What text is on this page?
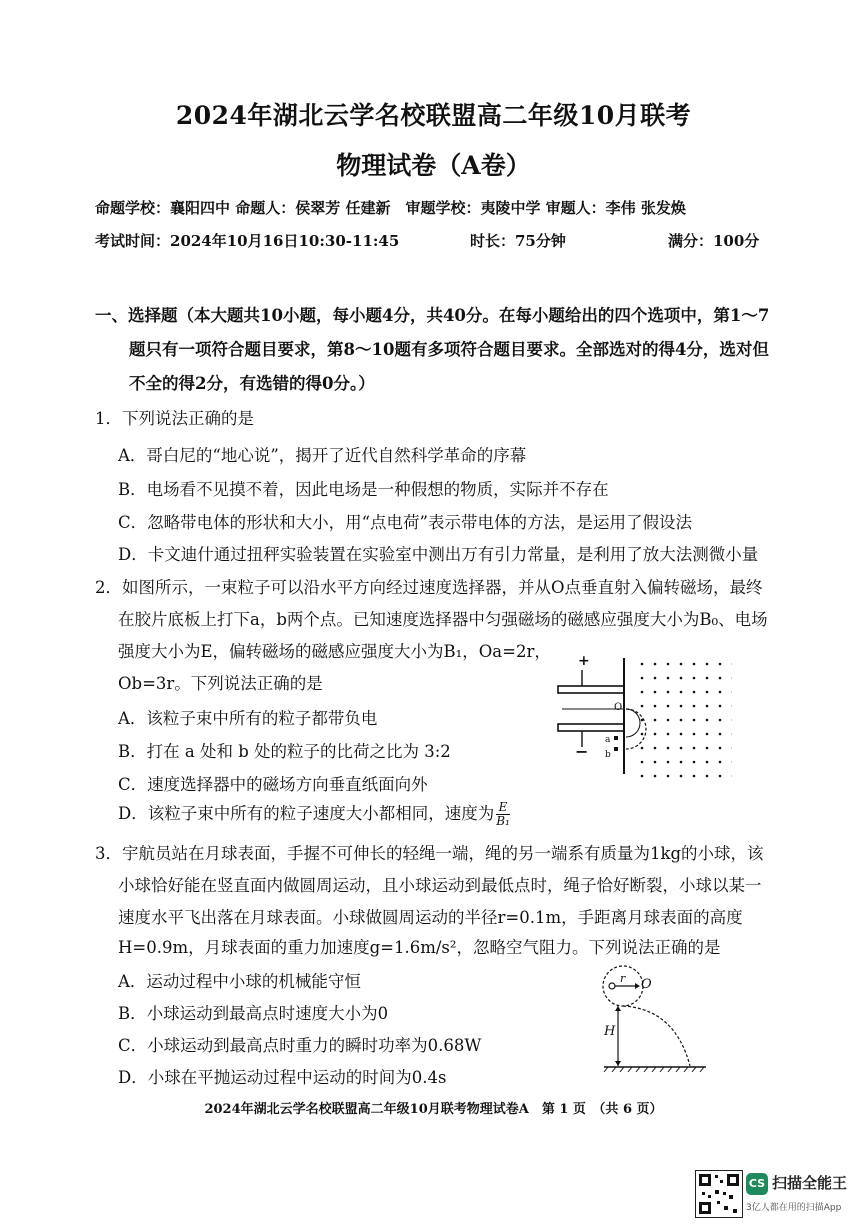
2024年湖北云学名校联盟高二年级10月联考
物理试卷（A卷）
命题学校：襄阳四中 命题人：侯翠芳 任建新　审题学校：夷陵中学 审题人：李伟 张发焕
考试时间：2024年10月16日10:30-11:45	时长：75分钟	满分：100分
一、选择题（本大题共10小题，每小题4分，共40分。在每小题给出的四个选项中，第1～7
题只有一项符合题目要求，第8～10题有多项符合题目要求。全部选对的得4分，选对但
不全的得2分，有选错的得0分。）
1．下列说法正确的是
A．哥白尼的“地心说”，揭开了近代自然科学革命的序幕
B．电场看不见摸不着，因此电场是一种假想的物质，实际并不存在
C．忽略带电体的形状和大小，用“点电荷”表示带电体的方法，是运用了假设法
D．卡文迪什通过扭秤实验装置在实验室中测出万有引力常量，是利用了放大法测微小量
2．如图所示，一束粒子可以沿水平方向经过速度选择器，并从O点垂直射入偏转磁场，最终
在胶片底板上打下a，b两个点。已知速度选择器中匀强磁场的磁感应强度大小为B₀、电场
强度大小为E，偏转磁场的磁感应强度大小为B₁，Oa=2r，
Ob=3r。下列说法正确的是
A．该粒子束中所有的粒子都带负电
B．打在 a 处和 b 处的粒子的比荷之比为 3:2
C．速度选择器中的磁场方向垂直纸面向外
D．该粒子束中所有的粒子速度大小都相同，速度为 $\frac{E}{\text{B₁}}$
+
−
O
a
b
3．宇航员站在月球表面，手握不可伸长的轻绳一端，绳的另一端系有质量为1kg的小球，该
小球恰好能在竖直面内做圆周运动，且小球运动到最低点时，绳子恰好断裂，小球以某一
速度水平飞出落在月球表面。小球做圆周运动的半径r=0.1m，手距离月球表面的高度
H=0.9m，月球表面的重力加速度g=1.6m/s²，忽略空气阻力。下列说法正确的是
A．运动过程中小球的机械能守恒
B．小球运动到最高点时速度大小为0
C．小球运动到最高点时重力的瞬时功率为0.68W
D．小球在平抛运动过程中运动的时间为0.4s
r O
H
2024年湖北云学名校联盟高二年级10月联考物理试卷A　第 1 页　（共 6 页）
CS 扫描全能王
3亿人都在用的扫描App
